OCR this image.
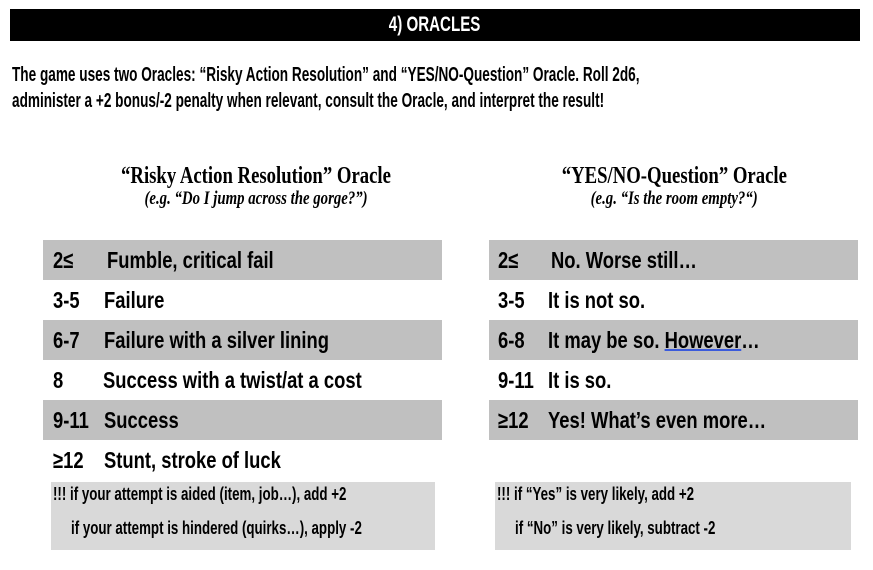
4) ORACLES
The game uses two Oracles: “Risky Action Resolution” and “YES/NO-Question” Oracle. Roll 2d6,
administer a +2 bonus/-2 penalty when relevant, consult the Oracle, and interpret the result!
“Risky Action Resolution” Oracle
(e.g. “Do I jump across the gorge?”)
“YES/NO-Question” Oracle
(e.g. “Is the room empty?“)
2≤ Fumble, critical fail
3-5 Failure
6-7 Failure with a silver lining
8 Success with a twist/at a cost
9-11 Success
≥12 Stunt, stroke of luck
2≤ No. Worse still…
3-5 It is not so.
6-8 It may be so. However…
9-11 It is so.
≥12 Yes! What’s even more…
!!! if your attempt is aided (item, job…), add +2
if your attempt is hindered (quirks…), apply -2
!!! if “Yes” is very likely, add +2
if “No” is very likely, subtract -2
